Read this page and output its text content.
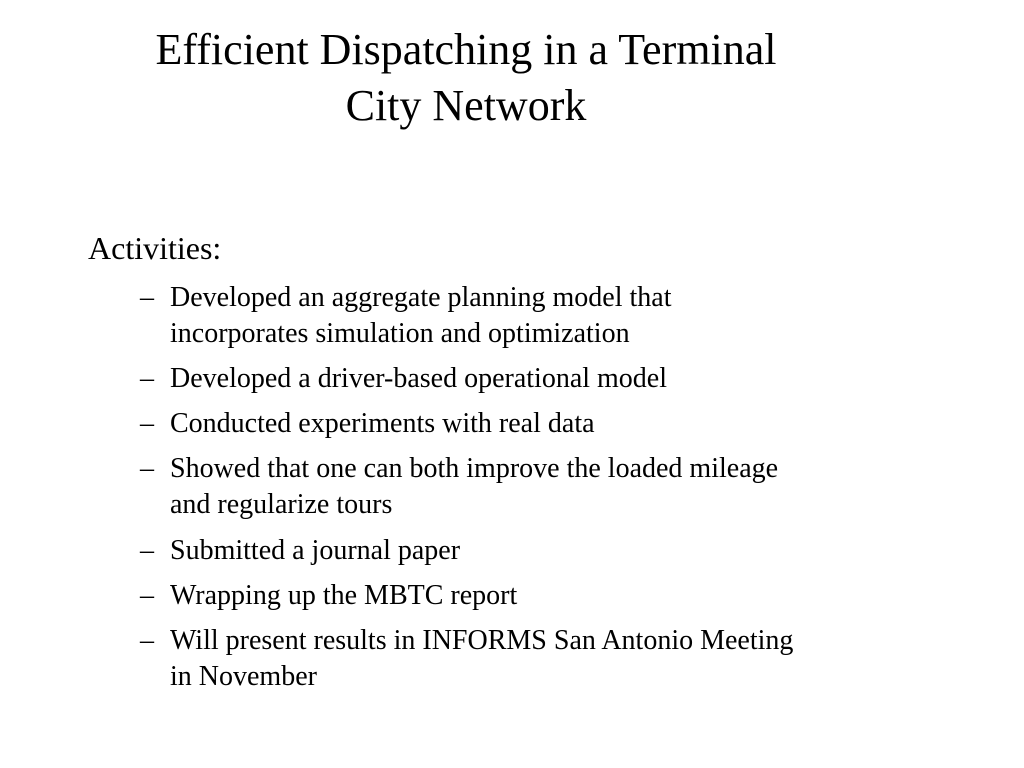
Efficient Dispatching in a Terminal
City Network
Activities:
– Developed an aggregate planning model that
incorporates simulation and optimization
– Developed a driver-based operational model
– Conducted experiments with real data
– Showed that one can both improve the loaded mileage
and regularize tours
– Submitted a journal paper
– Wrapping up the MBTC report
– Will present results in INFORMS San Antonio Meeting
in November
